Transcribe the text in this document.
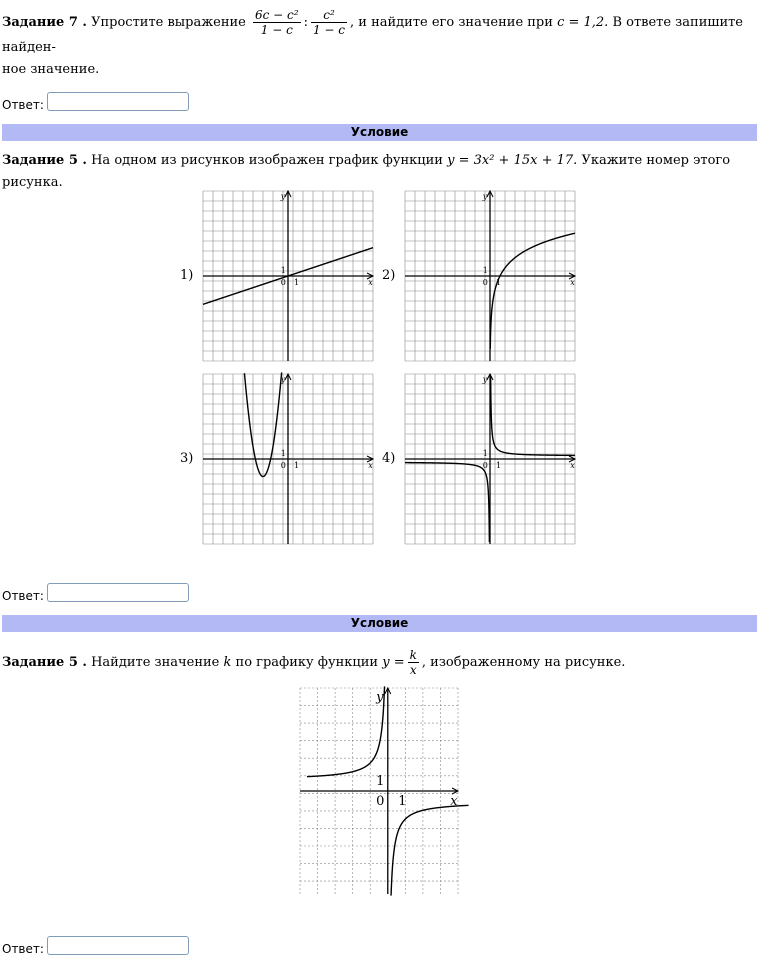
Задание 7 . Упростите выражение $\frac{\text{6c − c²}}{1 - c}$ : $\frac{\text{c²}}{1 - c}$ , и найдите его значение при c = 1,2. В ответе запишите найден-
ное значение.
Ответ:
Условие
Задание 5 . На одном из рисунков изображен график функции y = 3x² + 15x + 17. Укажите номер этого рисунка.
1)	2)
3)	4)
x
y
0
1
1	x
y
0
1
1
x
y
0
1
1	x
y
0
1
1
Ответ:
Условие
Задание 5 . Найдите значение k по графику функции $y = \frac{k}{x}$ , изображенному на рисунке.
x
y
0
1
1
Ответ:
